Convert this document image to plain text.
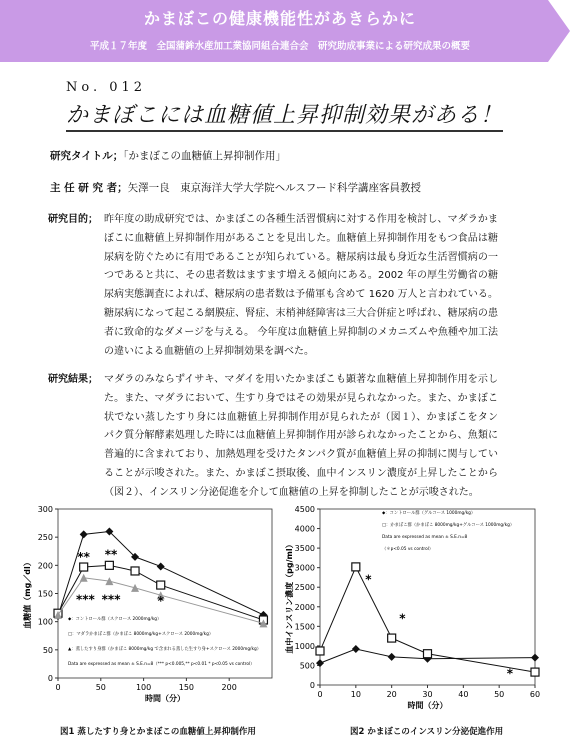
かまぼこの健康機能性があきらかに
平成１７年度　全国蒲鉾水産加工業協同組合連合会　研究助成事業による研究成果の概要
No. 012
かまぼこには血糖値上昇抑制効果がある！
研究タイトル；「かまぼこの血糖値上昇抑制作用」
主 任 研 究 者；矢澤一良　東京海洋大学大学院ヘルスフード科学講座客員教授
研究目的； 昨年度の助成研究では、かまぼこの各種生活習慣病に対する作用を検討し、マダラかまぼこに血糖値上昇抑制作用があることを見出した。血糖値上昇抑制作用をもつ食品は糖尿病を防ぐために有用であることが知られている。糖尿病は最も身近な生活習慣病の一つであると共に、その患者数はますます増える傾向にある。2002 年の厚生労働省の糖尿病実態調査によれば、糖尿病の患者数は予備軍も含めて 1620 万人と言われている。糖尿病になって起こる網膜症、腎症、末梢神経障害は三大合併症と呼ばれ、糖尿病の患者に致命的なダメージを与える。 今年度は血糖値上昇抑制のメカニズムや魚種や加工法の違いによる血糖値の上昇抑制効果を調べた。
研究結果； マダラのみならずイサキ、マダイを用いたかまぼこも顕著な血糖値上昇抑制作用を示した。また、マダラにおいて、生すり身ではその効果が見られなかった。また、かまぼこ状でない蒸したすり身には血糖値上昇抑制作用が見られたが（図１）、かまぼこをタンパク質分解酵素処理した時には血糖値上昇抑制作用が診られなかったことから、魚類に普遍的に含まれており、加熱処理を受けたタンパク質が血糖値上昇の抑制に関与していることが示唆された。また、かまぼこ摂取後、血中インスリン濃度が上昇したことから（図２）、インスリン分泌促進を介して血糖値の上昇を抑制したことが示唆された。
0
50
100
150
200
250
300
0	50	100	150	200
時間（分）
血糖値（mg／dl）
** **
*** ***	*
◆：コントロール群（スクロース 2000mg/kg）
□：マダラかまぼこ群（かまぼこ 8000mg/kg+スクロース 2000mg/kg）
▲：蒸したすり身群（かまぼこ 8000mg/kg で含まれる蒸した生すり身+スクロース 2000mg/kg）
Data are expressed as mean ± S.E.n=8（*** p<0.005,** p<0.01 * p<0.05 vs control）
図1 蒸したすり身とかまぼこの血糖値上昇抑制作用
0
500
1000
1500
2000
2500
3000
3500
4000
4500
0	10	20	30	40	50	60
時間（分）
血中インスリン濃度（pg/ml）	*
*
*
◆：コントロール群（グルコース 1000mg/kg）
□：かまぼこ群（かまぼこ 8000mg/kg+グルコース 1000mg/kg）
Data are expressed as mean ± S.E.n=8
（＊p<0.05 vs control）
図2 かまぼこのインスリン分泌促進作用
